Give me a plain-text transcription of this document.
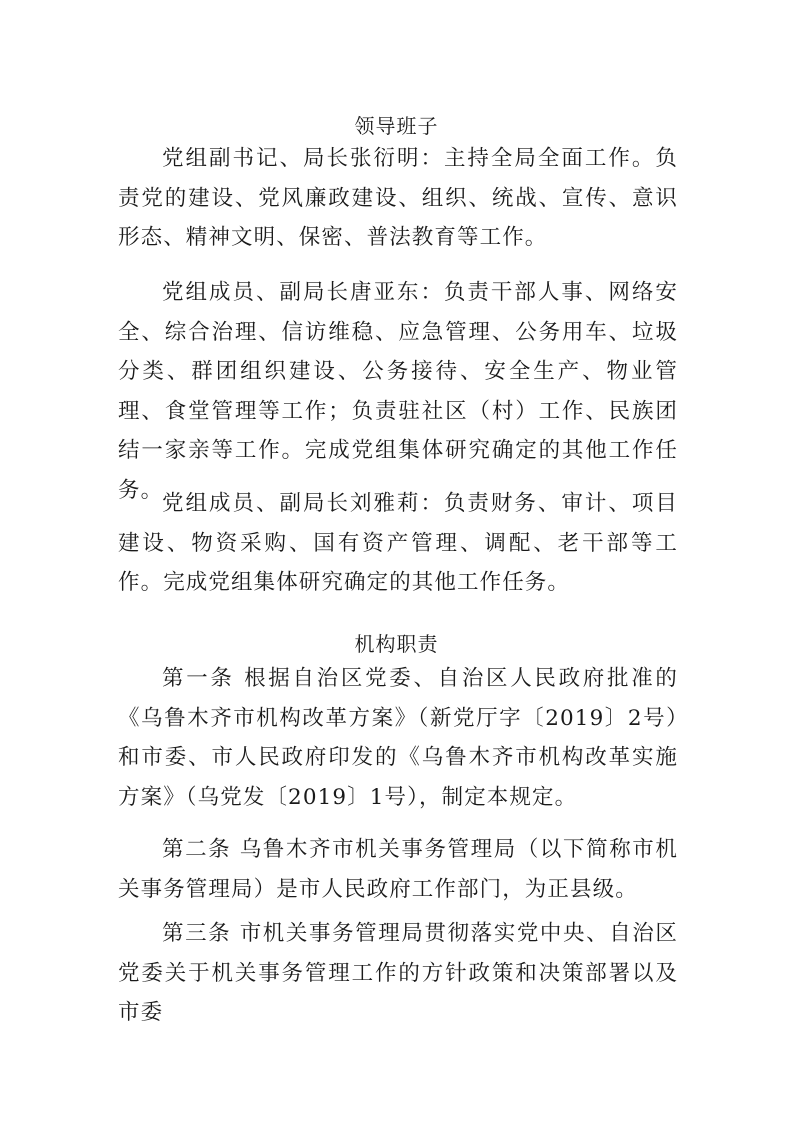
领导班子

党组副书记、局长张衍明：主持全局全面工作。负责党的建设、党风廉政建设、组织、统战、宣传、意识形态、精神文明、保密、普法教育等工作。

党组成员、副局长唐亚东：负责干部人事、网络安全、综合治理、信访维稳、应急管理、公务用车、垃圾分类、群团组织建设、公务接待、安全生产、物业管理、食堂管理等工作；负责驻社区（村）工作、民族团结一家亲等工作。完成党组集体研究确定的其他工作任务。

党组成员、副局长刘雅莉：负责财务、审计、项目建设、物资采购、国有资产管理、调配、老干部等工作。完成党组集体研究确定的其他工作任务。

机构职责

第一条 根据自治区党委、自治区人民政府批准的《乌鲁木齐市机构改革方案》（新党厅字〔2019〕2号）和市委、市人民政府印发的《乌鲁木齐市机构改革实施方案》（乌党发〔2019〕1号），制定本规定。

第二条 乌鲁木齐市机关事务管理局（以下简称市机关事务管理局）是市人民政府工作部门，为正县级。

第三条 市机关事务管理局贯彻落实党中央、自治区党委关于机关事务管理工作的方针政策和决策部署以及市委
